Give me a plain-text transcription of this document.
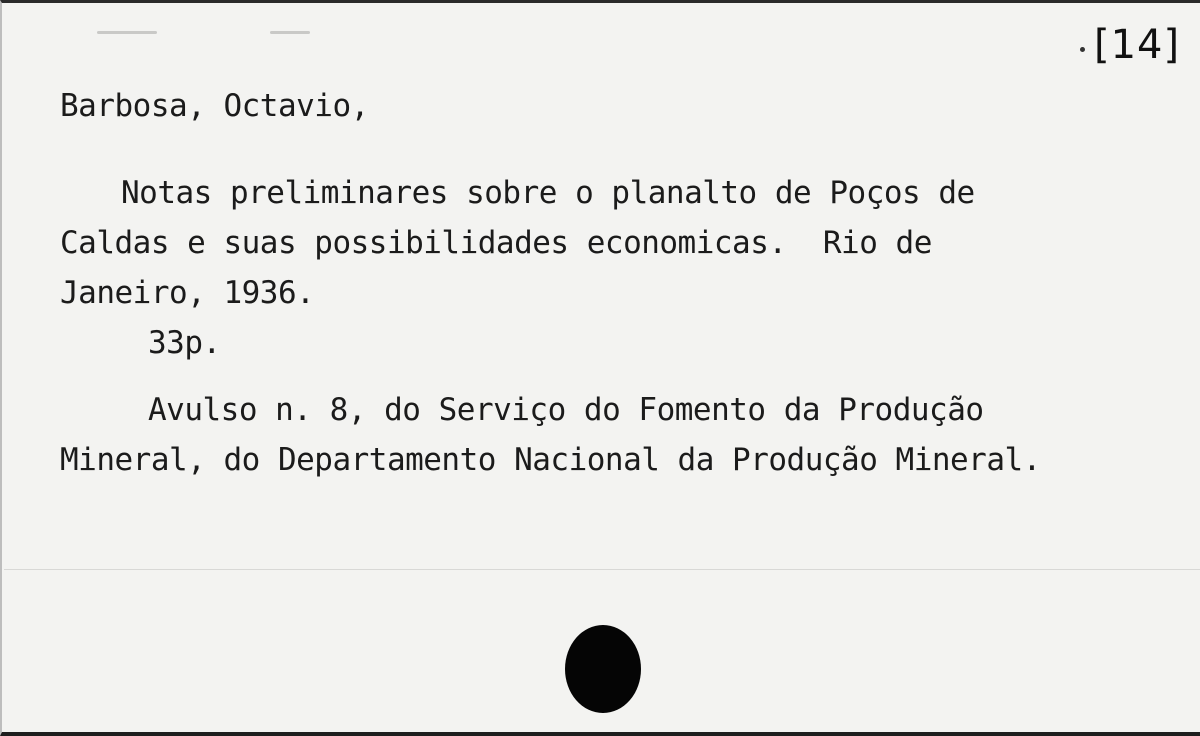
[14]
Barbosa, Octavio,
Notas preliminares sobre o planalto de Poços de
Caldas e suas possibilidades economicas.  Rio de
Janeiro, 1936.
33p.
Avulso n. 8, do Serviço do Fomento da Produção
Mineral, do Departamento Nacional da Produção Mineral.
